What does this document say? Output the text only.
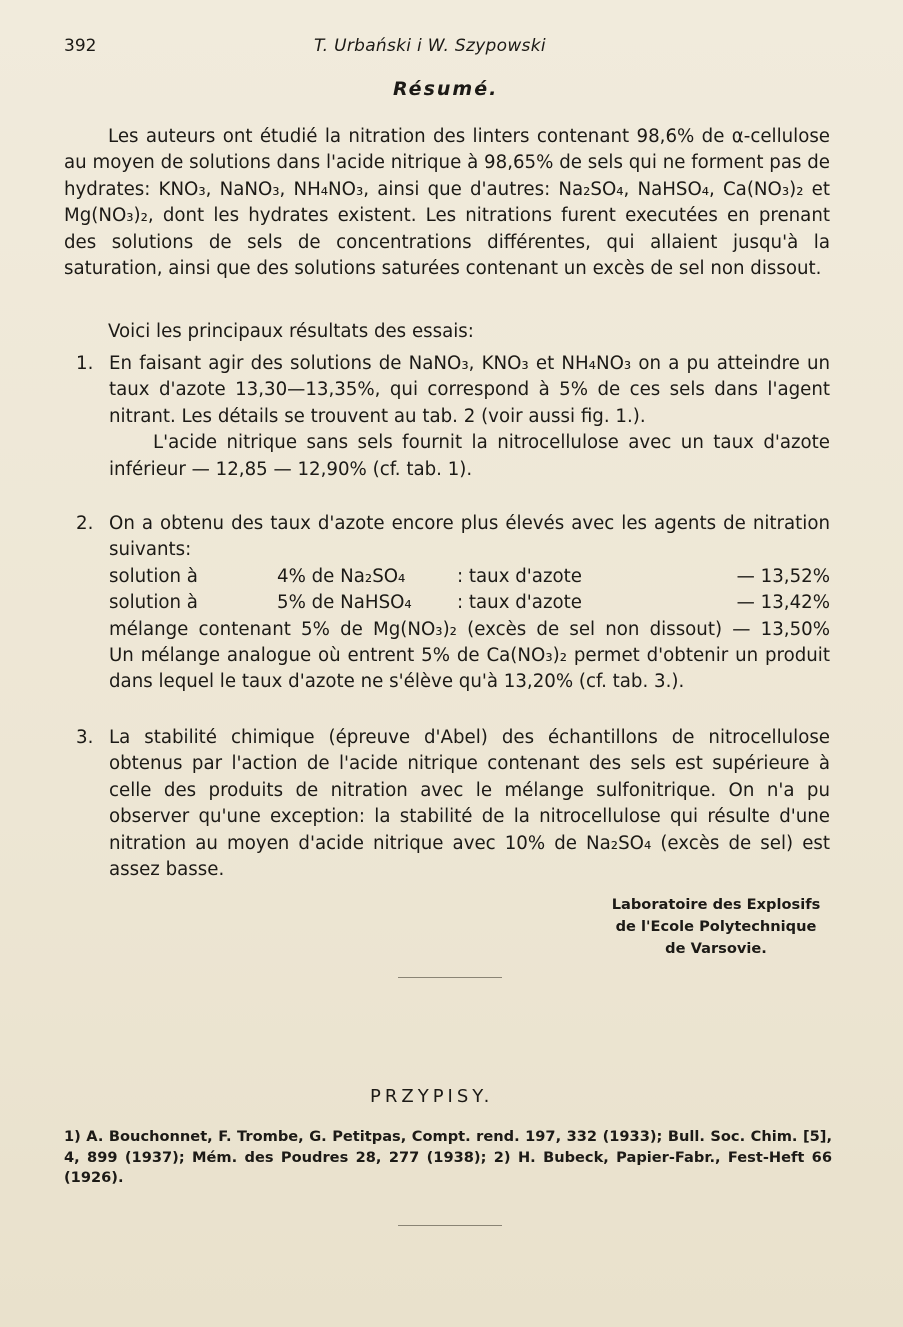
392	T. Urbański i W. Szypowski
Résumé.

Les auteurs ont étudié la nitration des linters contenant 98,6% de α-cellulose au moyen de solutions dans l'acide nitrique à 98,65% de sels qui ne forment pas de hydrates: KNO₃, NaNO₃, NH₄NO₃, ainsi que d'autres: Na₂SO₄, NaHSO₄, Ca(NO₃)₂ et Mg(NO₃)₂, dont les hydrates existent. Les nitrations furent executées en prenant des solutions de sels de concentrations différentes, qui allaient jusqu'à la saturation, ainsi que des solutions saturées contenant un excès de sel non dissout.

Voici les principaux résultats des essais:

1. En faisant agir des solutions de NaNO₃, KNO₃ et NH₄NO₃ on a pu atteindre un taux d'azote 13,30—13,35%, qui correspond à 5% de ces sels dans l'agent nitrant. Les détails se trouvent au tab. 2 (voir aussi fig. 1.).

L'acide nitrique sans sels fournit la nitrocellulose avec un taux d'azote inférieur — 12,85 — 12,90% (cf. tab. 1).

2. On a obtenu des taux d'azote encore plus élevés avec les agents de nitration suivants:

solution à	4% de Na₂SO₄	: taux d'azote	— 13,52%
solution à	5% de NaHSO₄	: taux d'azote	— 13,42%

mélange contenant 5% de Mg(NO₃)₂ (excès de sel non dissout) — 13,50%

Un mélange analogue où entrent 5% de Ca(NO₃)₂ permet d'obtenir un produit dans lequel le taux d'azote ne s'élève qu'à 13,20% (cf. tab. 3.).

3. La stabilité chimique (épreuve d'Abel) des échantillons de nitrocellulose obtenus par l'action de l'acide nitrique contenant des sels est supérieure à celle des produits de nitration avec le mélange sulfonitrique. On n'a pu observer qu'une exception: la stabilité de la nitrocellulose qui résulte d'une nitration au moyen d'acide nitrique avec 10% de Na₂SO₄ (excès de sel) est assez basse.

Laboratoire des Explosifs
de l'Ecole Polytechnique
de Varsovie.
PRZYPISY.
1) A. Bouchonnet, F. Trombe, G. Petitpas, Compt. rend. 197, 332 (1933); Bull. Soc. Chim. [5], 4, 899 (1937); Mém. des Poudres 28, 277 (1938); 2) H. Bubeck, Papier-Fabr., Fest-Heft 66 (1926).
